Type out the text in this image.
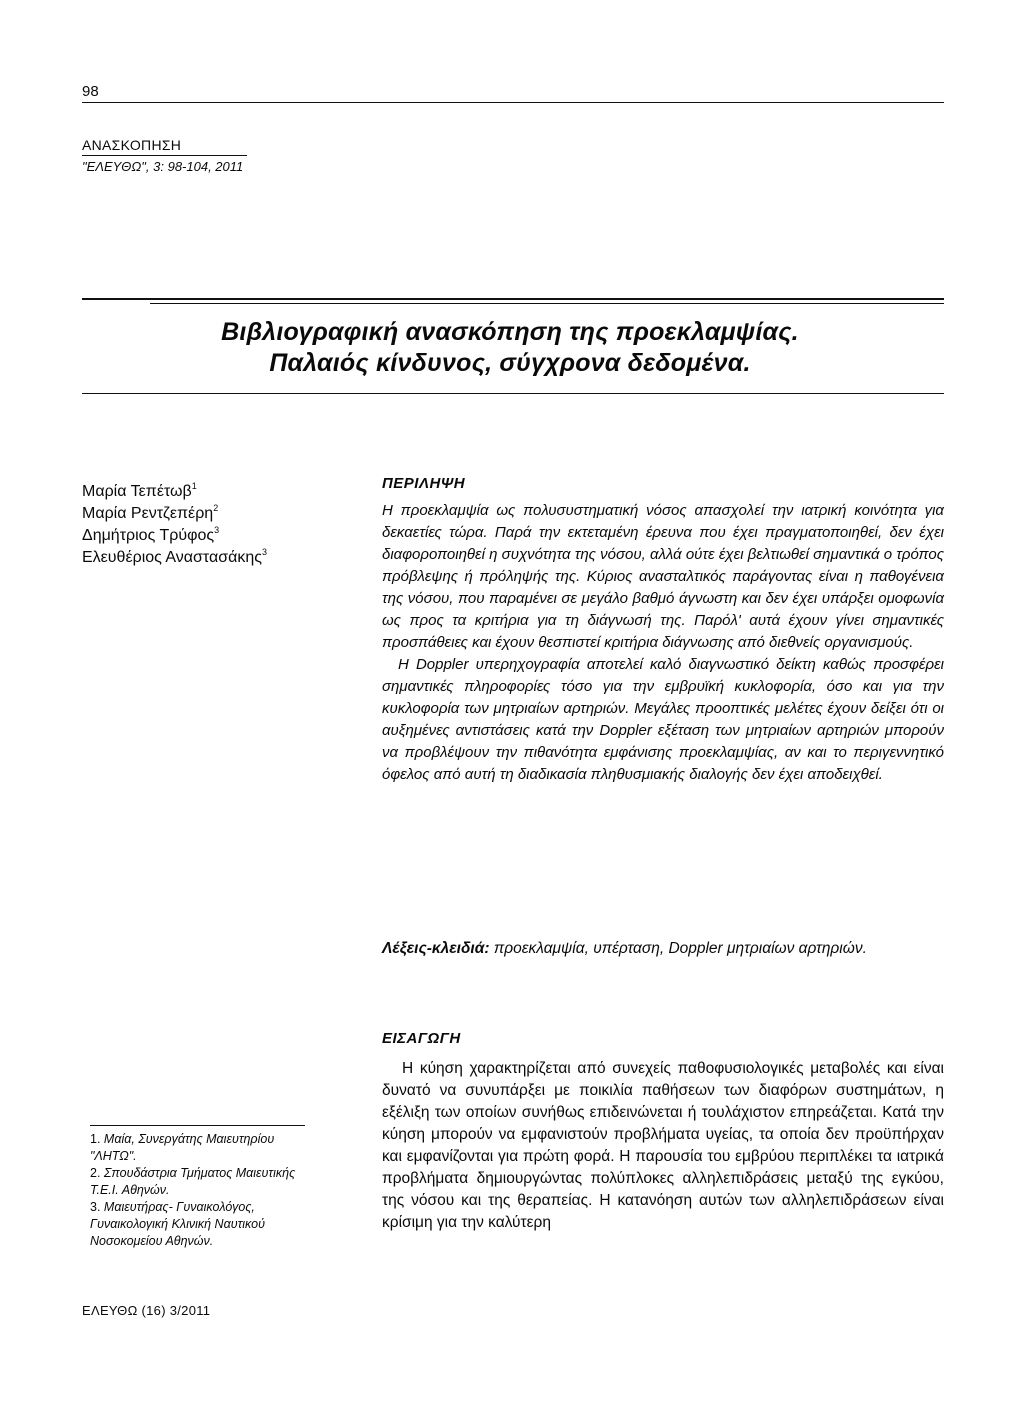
98
ΑΝΑΣΚΟΠΗΣΗ
"ΕΛΕΥΘΩ", 3: 98-104, 2011
Βιβλιογραφική ανασκόπηση της προεκλαμψίας.
Παλαιός κίνδυνος, σύγχρονα δεδομένα.
Μαρία Τεπέτωβ$^1$
Μαρία Ρεντζεπέρη$^2$
Δημήτριος Τρύφος$^3$
Ελευθέριος Αναστασάκης$^3$
ΠΕΡΙΛΗΨΗ

Η προεκλαμψία ως πολυσυστηματική νόσος απασχολεί την ιατρική κοινότητα για δεκαετίες τώρα. Παρά την εκτεταμένη έρευνα που έχει πραγματοποιηθεί, δεν έχει διαφοροποιηθεί η συχνότητα της νόσου, αλλά ούτε έχει βελτιωθεί σημαντικά ο τρόπος πρόβλεψης ή πρόληψής της. Κύριος ανασταλτικός παράγοντας είναι η παθογένεια της νόσου, που παραμένει σε μεγάλο βαθμό άγνωστη και δεν έχει υπάρξει ομοφωνία ως προς τα κριτήρια για τη διάγνωσή της. Παρόλ' αυτά έχουν γίνει σημαντικές προσπάθειες και έχουν θεσπιστεί κριτήρια διάγνωσης από διεθνείς οργανισμούς.

Η Doppler υπερηχογραφία αποτελεί καλό διαγνωστικό δείκτη καθώς προσφέρει σημαντικές πληροφορίες τόσο για την εμβρυϊκή κυκλοφορία, όσο και για την κυκλοφορία των μητριαίων αρτηριών. Μεγάλες προοπτικές μελέτες έχουν δείξει ότι οι αυξημένες αντιστάσεις κατά την Doppler εξέταση των μητριαίων αρτηριών μπορούν να προβλέψουν την πιθανότητα εμφάνισης προεκλαμψίας, αν και το περιγεννητικό όφελος από αυτή τη διαδικασία πληθυσμιακής διαλογής δεν έχει αποδειχθεί.

Λέξεις-κλειδιά: προεκλαμψία, υπέρταση, Doppler μητριαίων αρτηριών.
ΕΙΣΑΓΩΓΗ

Η κύηση χαρακτηρίζεται από συνεχείς παθοφυσιολογικές μεταβολές και είναι δυνατό να συνυπάρξει με ποικιλία παθήσεων των διαφόρων συστημάτων, η εξέλιξη των οποίων συνήθως επιδεινώνεται ή τουλάχιστον επηρεάζεται. Κατά την κύηση μπορούν να εμφανιστούν προβλήματα υγείας, τα οποία δεν προϋπήρχαν και εμφανίζονται για πρώτη φορά. Η παρουσία του εμβρύου περιπλέκει τα ιατρικά προβλήματα δημιουργώντας πολύπλοκες αλληλεπιδράσεις μεταξύ της εγκύου, της νόσου και της θεραπείας. Η κατανόηση αυτών των αλληλεπιδράσεων είναι κρίσιμη για την καλύτερη

1. Μαία, Συνεργάτης Μαιευτηρίου "ΛΗΤΩ".
2. Σπουδάστρια Τμήματος Μαιευτικής Τ.Ε.Ι. Αθηνών.
3. Μαιευτήρας- Γυναικολόγος, Γυναικολογική Κλινική Ναυτικού Νοσοκομείου Αθηνών.
ΕΛΕΥΘΩ (16) 3/2011
